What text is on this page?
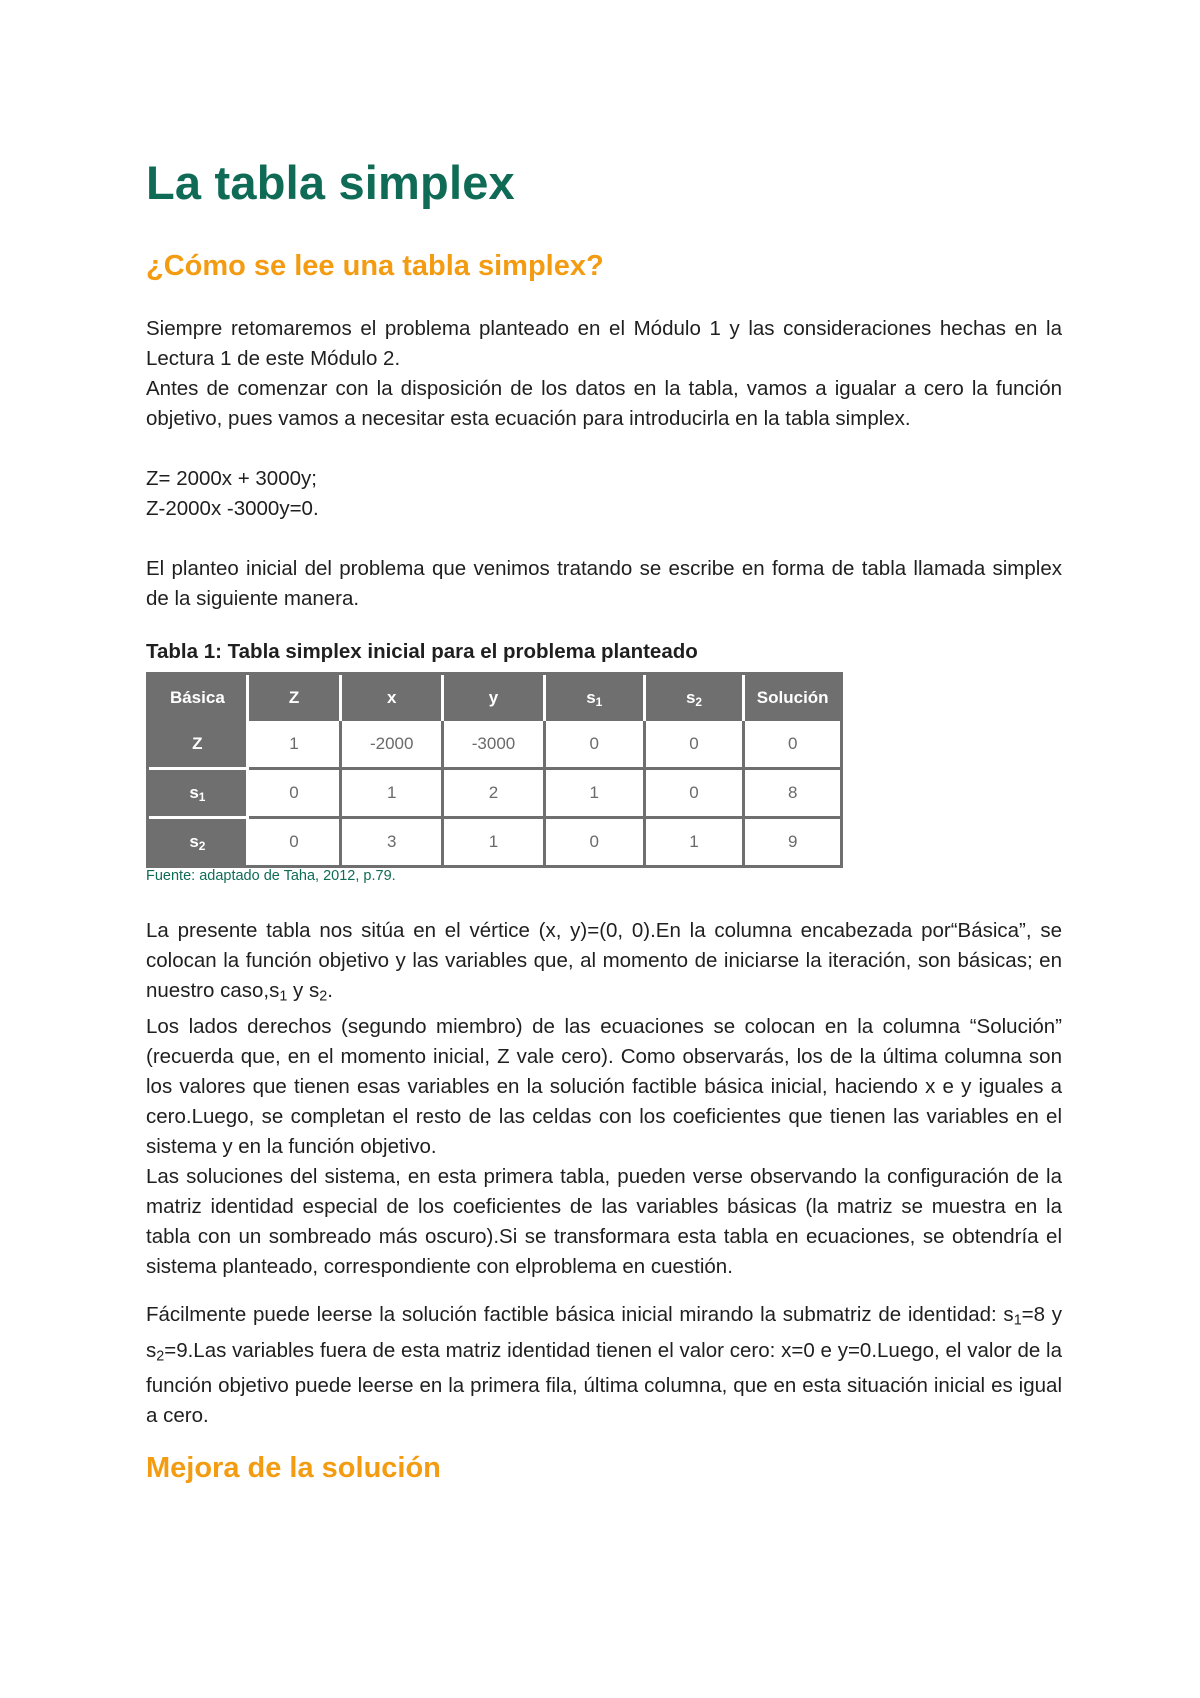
La tabla simplex
¿Cómo se lee una tabla simplex?
Siempre retomaremos el problema planteado en el Módulo 1 y las consideraciones hechas en la Lectura 1 de este Módulo 2.
Antes de comenzar con la disposición de los datos en la tabla, vamos a igualar a cero la función objetivo, pues vamos a necesitar esta ecuación para introducirla en la tabla simplex.
Z= 2000x + 3000y;
Z-2000x -3000y=0.
El planteo inicial del problema que venimos tratando se escribe en forma de tabla llamada simplex de la siguiente manera.
Tabla 1: Tabla simplex inicial para el problema planteado
Básica	Z	x	y	$s_1$	$s_2$	Solución
Z	1	-2000	-3000	0	0	0
$s_1$	0	1	2	1	0	8
$s_2$	0	3	1	0	1	9
Fuente: adaptado de Taha, 2012, p.79.
La presente tabla nos sitúa en el vértice (x, y)=(0, 0).En la columna encabezada por“Básica”, se colocan la función objetivo y las variables que, al momento de iniciarse la iteración, son básicas; en nuestro $caso,s_1$ y $s_2$.
Los lados derechos (segundo miembro) de las ecuaciones se colocan en la columna “Solución” (recuerda que, en el momento inicial, Z vale cero). Como observarás, los de la última columna son los valores que tienen esas variables en la solución factible básica inicial, haciendo x e y iguales a cero.Luego, se completan el resto de las celdas con los coeficientes que tienen las variables en el sistema y en la función objetivo.
Las soluciones del sistema, en esta primera tabla, pueden verse observando la configuración de la matriz identidad especial de los coeficientes de las variables básicas (la matriz se muestra en la tabla con un sombreado más oscuro).Si se transformara esta tabla en ecuaciones, se obtendría el sistema planteado, correspondiente con elproblema en cuestión.
Fácilmente puede leerse la solución factible básica inicial mirando la submatriz de identidad: $s_1=8$ y $s_2=9.Las$ variables fuera de esta matriz identidad tienen el valor cero: x=0 e y=0.Luego, el valor de la función objetivo puede leerse en la primera fila, última columna, que en esta situación inicial es igual a cero.
Mejora de la solución
